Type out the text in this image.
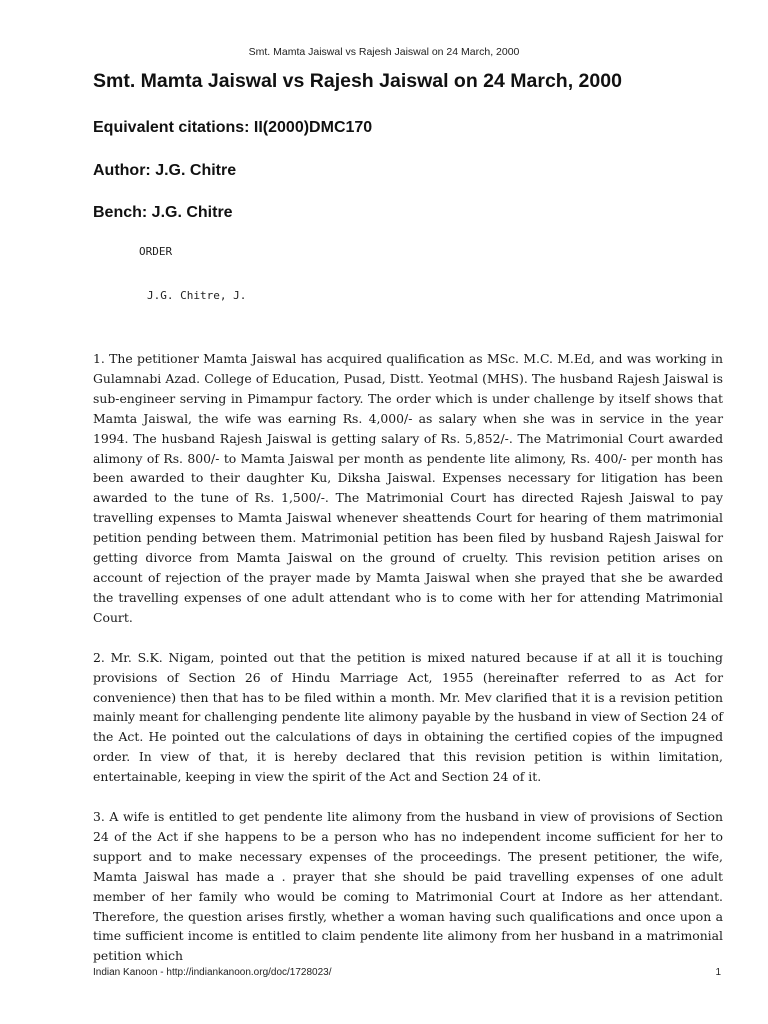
Smt. Mamta Jaiswal vs Rajesh Jaiswal on 24 March, 2000
Smt. Mamta Jaiswal vs Rajesh Jaiswal on 24 March, 2000
Equivalent citations: II(2000)DMC170
Author: J.G. Chitre
Bench: J.G. Chitre
ORDER
J.G. Chitre, J.

1. The petitioner Mamta Jaiswal has acquired qualification as MSc. M.C. M.Ed, and was working in Gulamnabi Azad. College of Education, Pusad, Distt. Yeotmal (MHS). The husband Rajesh Jaiswal is sub-engineer serving in Pimampur factory. The order which is under challenge by itself shows that Mamta Jaiswal, the wife was earning Rs. 4,000/- as salary when she was in service in the year 1994. The husband Rajesh Jaiswal is getting salary of Rs. 5,852/-. The Matrimonial Court awarded alimony of Rs. 800/- to Mamta Jaiswal per month as pendente lite alimony, Rs. 400/- per month has been awarded to their daughter Ku, Diksha Jaiswal. Expenses necessary for litigation has been awarded to the tune of Rs. 1,500/-. The Matrimonial Court has directed Rajesh Jaiswal to pay travelling expenses to Mamta Jaiswal whenever sheattends Court for hearing of them matrimonial petition pending between them. Matrimonial petition has been filed by husband Rajesh Jaiswal for getting divorce from Mamta Jaiswal on the ground of cruelty. This revision petition arises on account of rejection of the prayer made by Mamta Jaiswal when she prayed that she be awarded the travelling expenses of one adult attendant who is to come with her for attending Matrimonial Court.

2. Mr. S.K. Nigam, pointed out that the petition is mixed natured because if at all it is touching provisions of Section 26 of Hindu Marriage Act, 1955 (hereinafter referred to as Act for convenience) then that has to be filed within a month. Mr. Mev clarified that it is a revision petition mainly meant for challenging pendente lite alimony payable by the husband in view of Section 24 of the Act. He pointed out the calculations of days in obtaining the certified copies of the impugned order. In view of that, it is hereby declared that this revision petition is within limitation, entertainable, keeping in view the spirit of the Act and Section 24 of it.

3. A wife is entitled to get pendente lite alimony from the husband in view of provisions of Section 24 of the Act if she happens to be a person who has no independent income sufficient for her to support and to make necessary expenses of the proceedings. The present petitioner, the wife, Mamta Jaiswal has made a . prayer that she should be paid travelling expenses of one adult member of her family who would be coming to Matrimonial Court at Indore as her attendant. Therefore, the question arises firstly, whether a woman having such qualifications and once upon a time sufficient income is entitled to claim pendente lite alimony from her husband in a matrimonial petition which

Indian Kanoon - http://indiankanoon.org/doc/1728023/	1
